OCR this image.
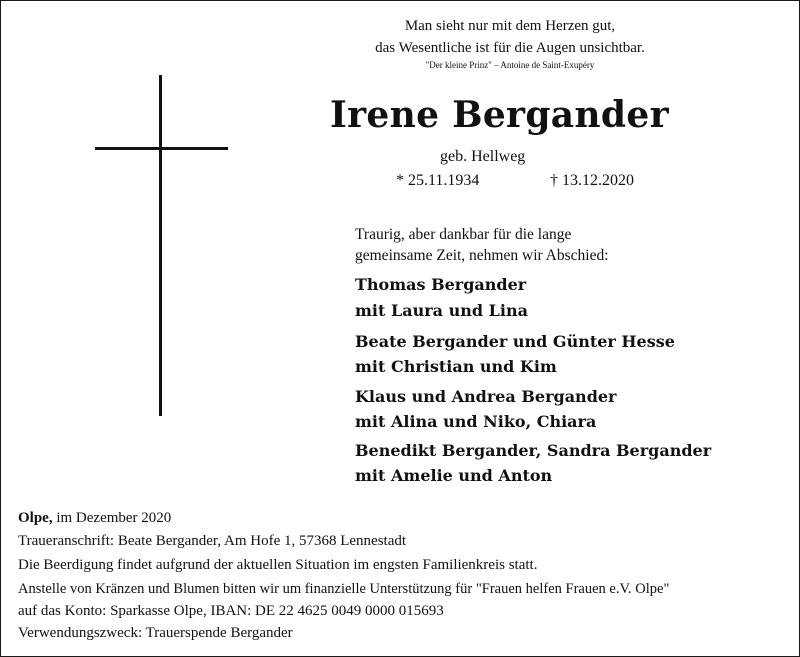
Man sieht nur mit dem Herzen gut,
das Wesentliche ist für die Augen unsichtbar.
"Der kleine Prinz" – Antoine de Saint-Exupéry
Irene Bergander
geb. Hellweg
* 25.11.1934	† 13.12.2020
Traurig, aber dankbar für die lange
gemeinsame Zeit, nehmen wir Abschied:
Thomas Bergander
mit Laura und Lina
Beate Bergander und Günter Hesse
mit Christian und Kim
Klaus und Andrea Bergander
mit Alina und Niko, Chiara
Benedikt Bergander, Sandra Bergander
mit Amelie und Anton
Olpe, im Dezember 2020
Traueranschrift: Beate Bergander, Am Hofe 1, 57368 Lennestadt
Die Beerdigung findet aufgrund der aktuellen Situation im engsten Familienkreis statt.
Anstelle von Kränzen und Blumen bitten wir um finanzielle Unterstützung für "Frauen helfen Frauen e.V. Olpe"
auf das Konto: Sparkasse Olpe, IBAN: DE 22 4625 0049 0000 015693
Verwendungszweck: Trauerspende Bergander
